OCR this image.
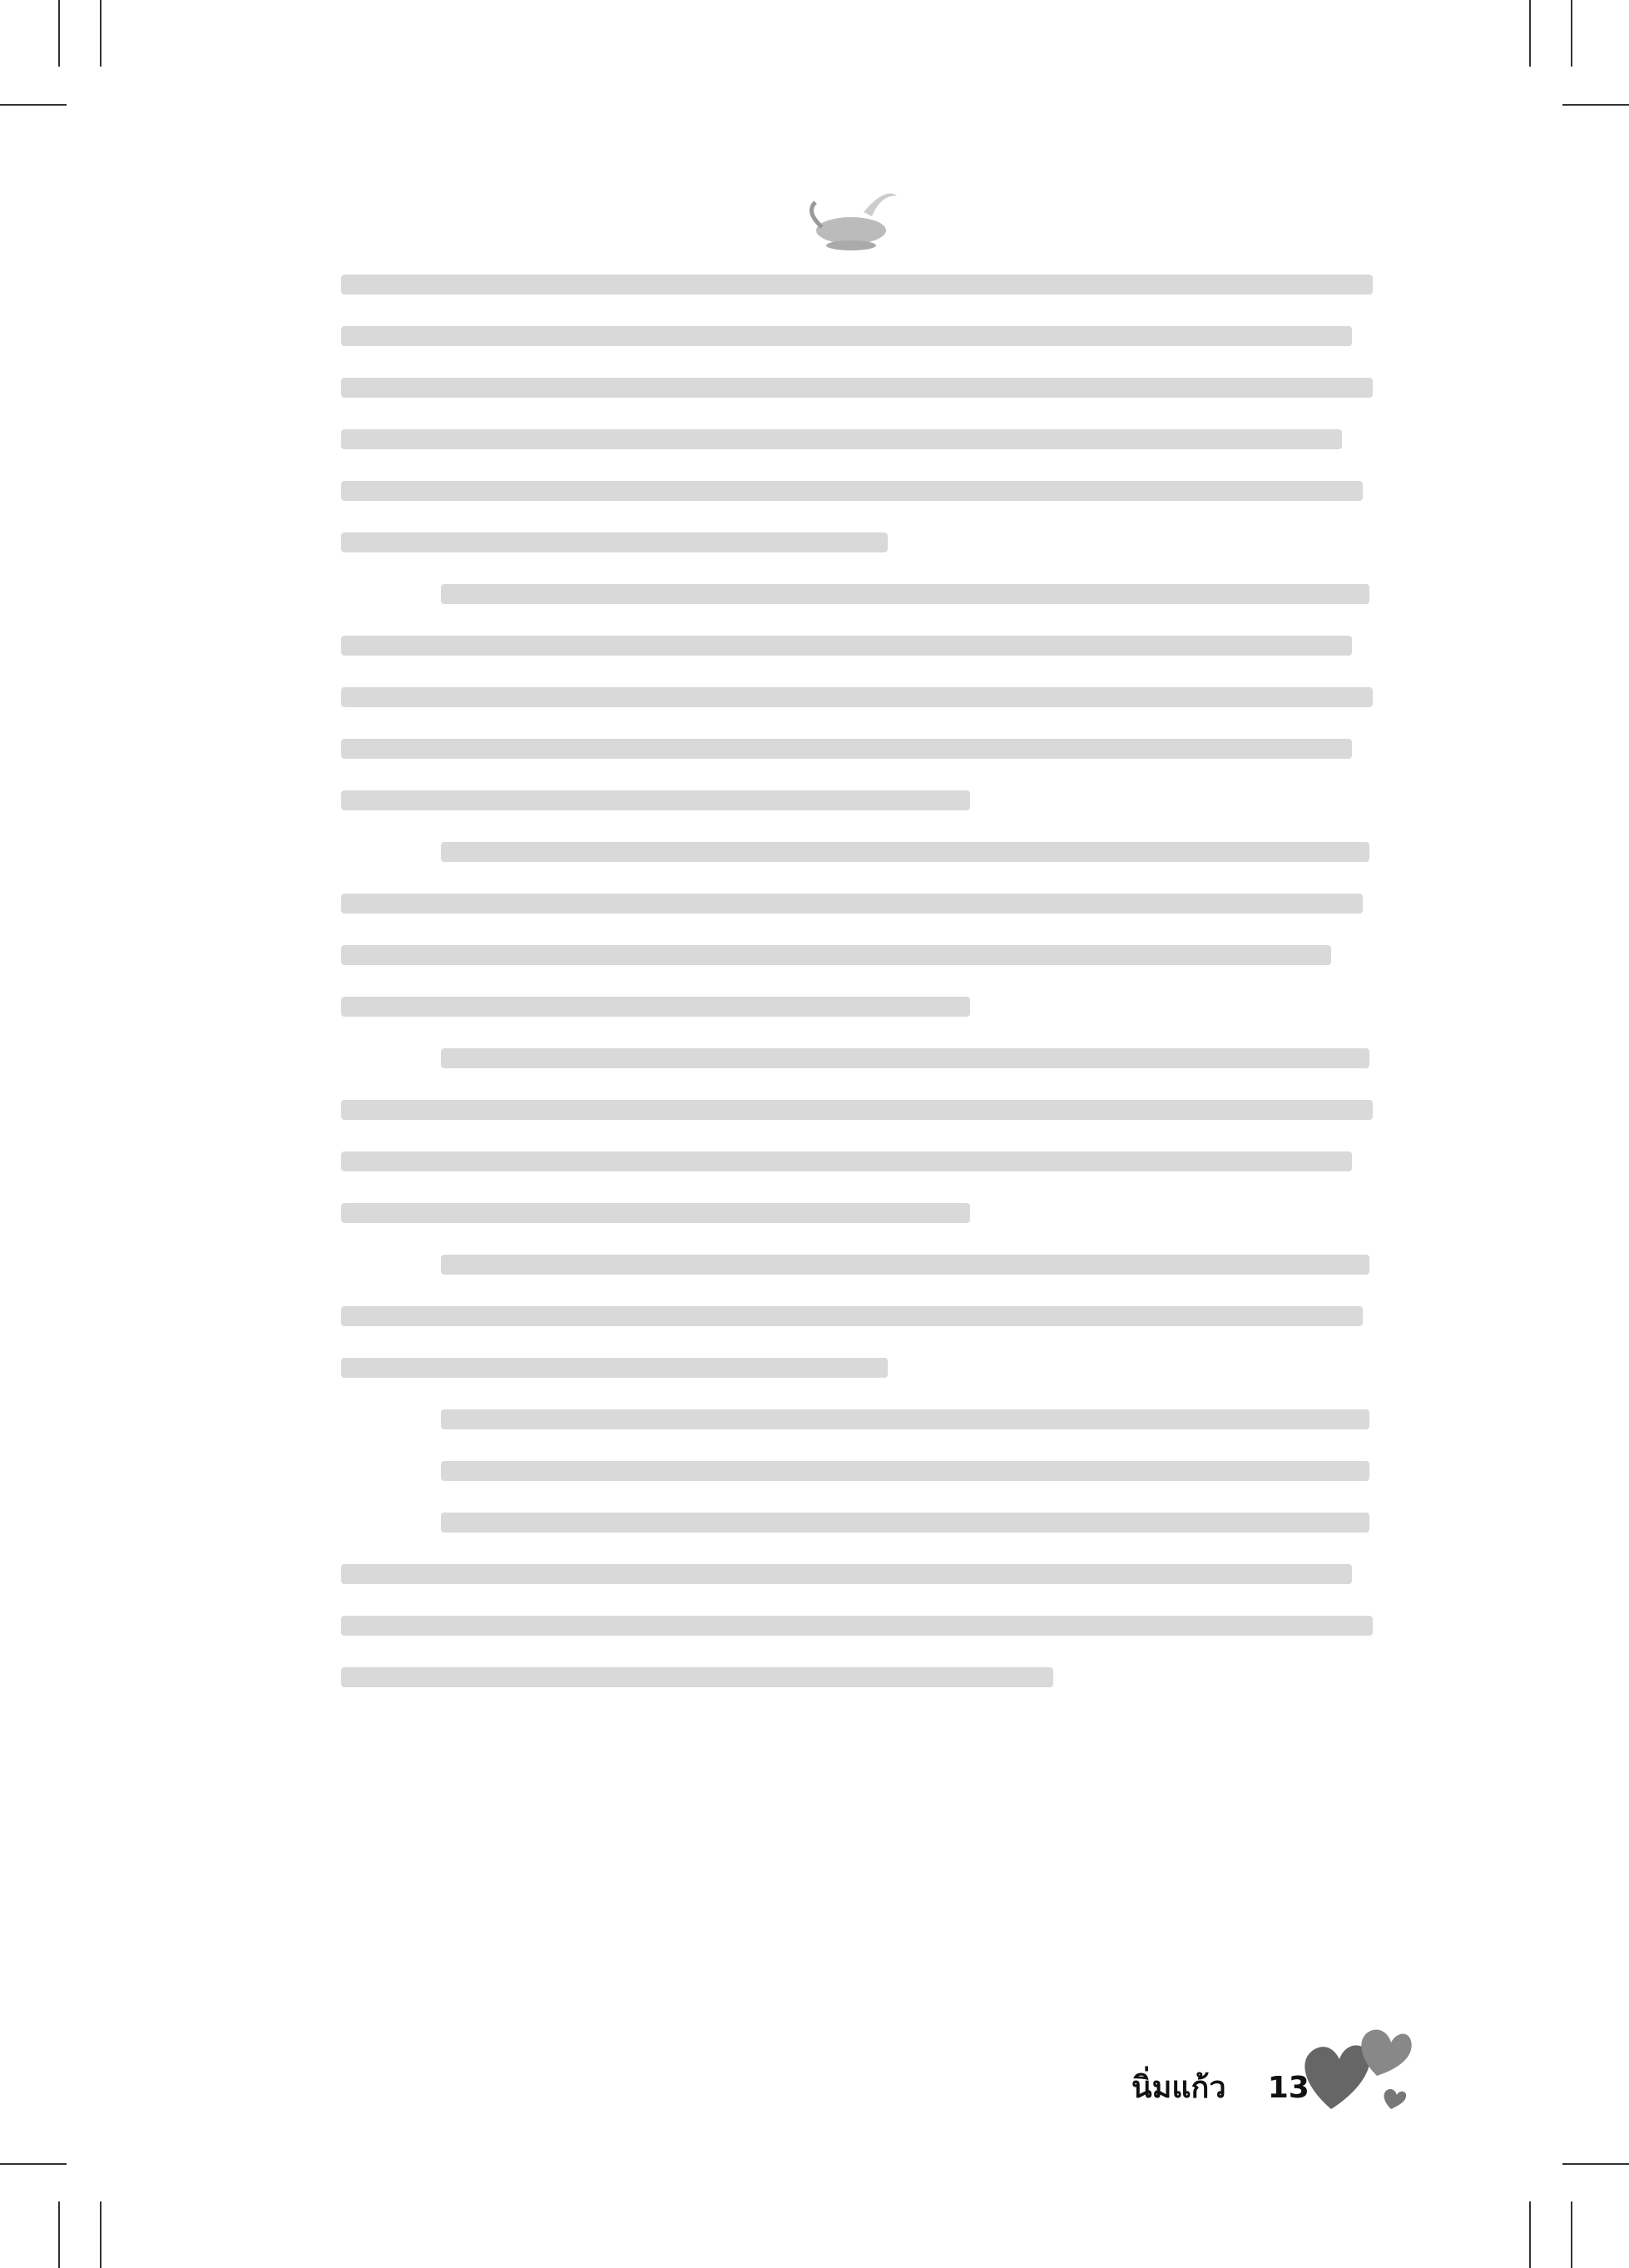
นิ่มแก้ว 13
